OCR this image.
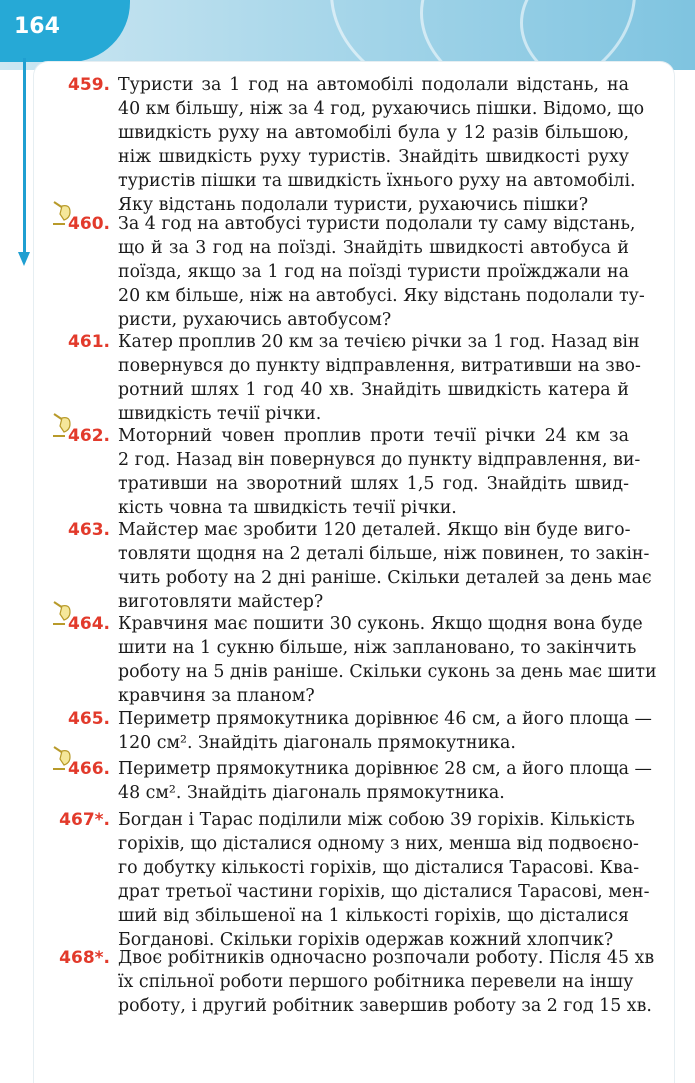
164
459. Туристи за 1 год на автомобілі подолали відстань, на
40 км більшу, ніж за 4 год, рухаючись пішки. Відомо, що
швидкість руху на автомобілі була у 12 разів більшою,
ніж швидкість руху туристів. Знайдіть швидкості руху
туристів пішки та швидкість їхнього руху на автомобілі.
Яку відстань подолали туристи, рухаючись пішки?
460. За 4 год на автобусі туристи подолали ту саму відстань,
що й за 3 год на поїзді. Знайдіть швидкості автобуса й
поїзда, якщо за 1 год на поїзді туристи проїжджали на
20 км більше, ніж на автобусі. Яку відстань подолали ту-
ристи, рухаючись автобусом?
461. Катер проплив 20 км за течією річки за 1 год. Назад він
повернувся до пункту відправлення, витративши на зво-
ротний шлях 1 год 40 хв. Знайдіть швидкість катера й
швидкість течії річки.
462. Моторний човен проплив проти течії річки 24 км за
2 год. Назад він повернувся до пункту відправлення, ви-
тративши на зворотний шлях 1,5 год. Знайдіть швид-
кість човна та швидкість течії річки.
463. Майстер має зробити 120 деталей. Якщо він буде виго-
товляти щодня на 2 деталі більше, ніж повинен, то закін-
чить роботу на 2 дні раніше. Скільки деталей за день має
виготовляти майстер?
464. Кравчиня має пошити 30 суконь. Якщо щодня вона буде
шити на 1 сукню більше, ніж заплановано, то закінчить
роботу на 5 днів раніше. Скільки суконь за день має шити
кравчиня за планом?
465. Периметр прямокутника дорівнює 46 см, а його площа —
120 см². Знайдіть діагональ прямокутника.
466. Периметр прямокутника дорівнює 28 см, а його площа —
48 см². Знайдіть діагональ прямокутника.
467*. Богдан і Тарас поділили між собою 39 горіхів. Кількість
горіхів, що дісталися одному з них, менша від подвоєно-
го добутку кількості горіхів, що дісталися Тарасові. Ква-
драт третьої частини горіхів, що дісталися Тарасові, мен-
ший від збільшеної на 1 кількості горіхів, що дісталися
Богданові. Скільки горіхів одержав кожний хлопчик?
468*. Двоє робітників одночасно розпочали роботу. Після 45 хв
їх спільної роботи першого робітника перевели на іншу
роботу, і другий робітник завершив роботу за 2 год 15 хв.
